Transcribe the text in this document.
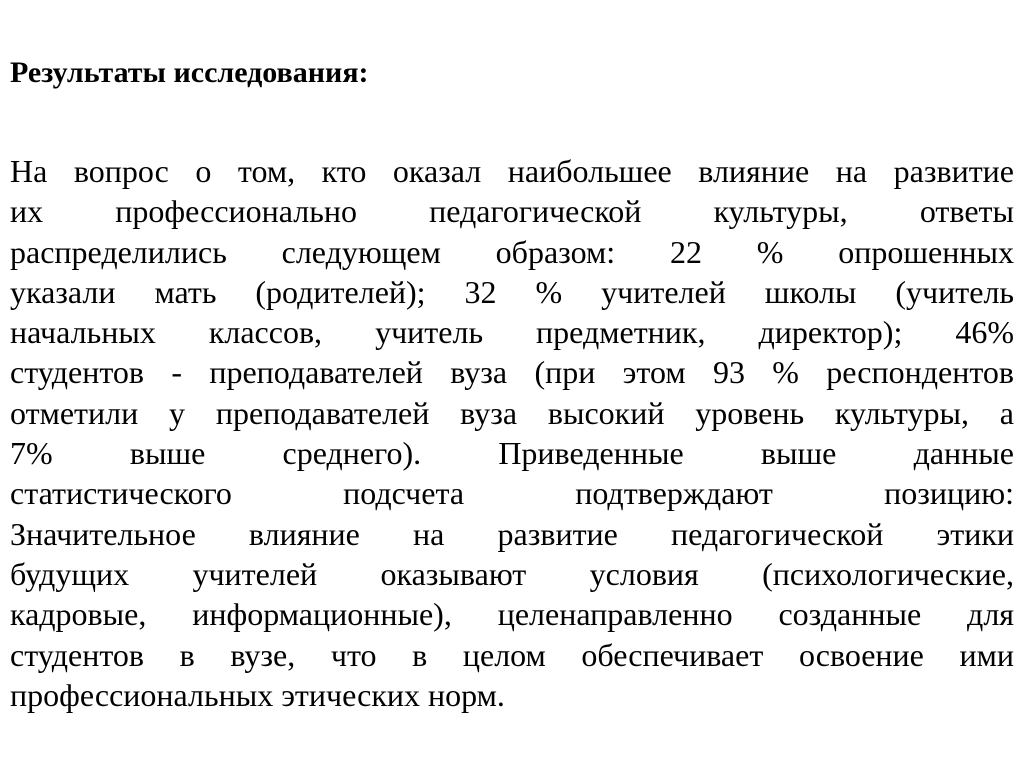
Результаты исследования:
На вопрос о том, кто оказал наибольшее влияние на развитие
их профессионально педагогической культуры, ответы
распределились следующем образом: 22 % опрошенных
указали мать (родителей); 32 % учителей школы (учитель
начальных классов, учитель предметник, директор); 46%
студентов - преподавателей вуза (при этом 93 % респондентов
отметили у преподавателей вуза высокий уровень культуры, а
7% выше среднего). Приведенные выше данные
статистического подсчета подтверждают позицию:
Значительное влияние на развитие педагогической этики
будущих учителей оказывают условия (психологические,
кадровые, информационные), целенаправленно созданные для
студентов в вузе, что в целом обеспечивает освоение ими
профессиональных этических норм.
